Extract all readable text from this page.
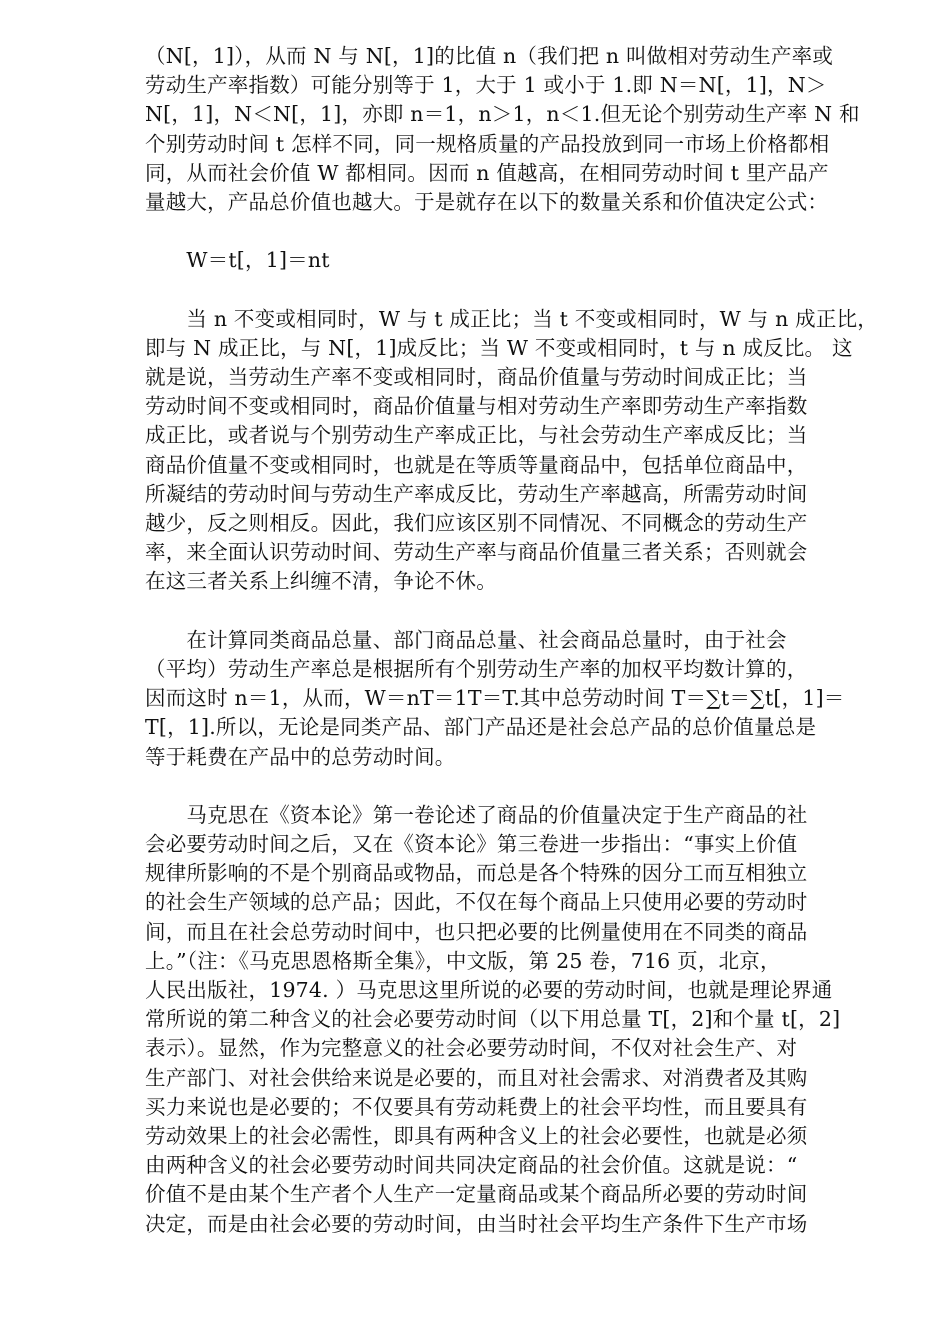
（N[，1]），从而 N 与 N[，1]的比值 n（我们把 n 叫做相对劳动生产率或
劳动生产率指数）可能分别等于 1，大于 1 或小于 1.即 N＝N[，1]，N＞
N[，1]，N＜N[，1]，亦即 n＝1，n＞1，n＜1.但无论个别劳动生产率 N 和
个别劳动时间 t 怎样不同，同一规格质量的产品投放到同一市场上价格都相
同，从而社会价值 W 都相同。因而 n 值越高，在相同劳动时间 t 里产品产
量越大，产品总价值也越大。于是就存在以下的数量关系和价值决定公式：
　　W＝t[，1]＝nt
　　当 n 不变或相同时，W 与 t 成正比；当 t 不变或相同时，W 与 n 成正比，
即与 N 成正比，与 N[，1]成反比；当 W 不变或相同时，t 与 n 成反比。 这
就是说，当劳动生产率不变或相同时，商品价值量与劳动时间成正比；当
劳动时间不变或相同时，商品价值量与相对劳动生产率即劳动生产率指数
成正比，或者说与个别劳动生产率成正比，与社会劳动生产率成反比；当
商品价值量不变或相同时，也就是在等质等量商品中，包括单位商品中，
所凝结的劳动时间与劳动生产率成反比，劳动生产率越高，所需劳动时间
越少，反之则相反。因此，我们应该区别不同情况、不同概念的劳动生产
率，来全面认识劳动时间、劳动生产率与商品价值量三者关系；否则就会
在这三者关系上纠缠不清，争论不休。
　　在计算同类商品总量、部门商品总量、社会商品总量时，由于社会
（平均）劳动生产率总是根据所有个别劳动生产率的加权平均数计算的，
因而这时 n＝1，从而，W＝nT＝1T＝T.其中总劳动时间 T＝∑t＝∑t[，1]＝
T[，1].所以，无论是同类产品、部门产品还是社会总产品的总价值量总是
等于耗费在产品中的总劳动时间。
　　马克思在《资本论》第一卷论述了商品的价值量决定于生产商品的社
会必要劳动时间之后，又在《资本论》第三卷进一步指出：“事实上价值
规律所影响的不是个别商品或物品，而总是各个特殊的因分工而互相独立
的社会生产领域的总产品；因此，不仅在每个商品上只使用必要的劳动时
间，而且在社会总劳动时间中，也只把必要的比例量使用在不同类的商品
上。”（注：《马克思恩格斯全集》，中文版，第 25 卷，716 页，北京，
人民出版社，1974. ）马克思这里所说的必要的劳动时间，也就是理论界通
常所说的第二种含义的社会必要劳动时间（以下用总量 T[，2]和个量 t[，2]
表示）。显然，作为完整意义的社会必要劳动时间，不仅对社会生产、对
生产部门、对社会供给来说是必要的，而且对社会需求、对消费者及其购
买力来说也是必要的；不仅要具有劳动耗费上的社会平均性，而且要具有
劳动效果上的社会必需性，即具有两种含义上的社会必要性，也就是必须
由两种含义的社会必要劳动时间共同决定商品的社会价值。这就是说：“
价值不是由某个生产者个人生产一定量商品或某个商品所必要的劳动时间
决定，而是由社会必要的劳动时间，由当时社会平均生产条件下生产市场
